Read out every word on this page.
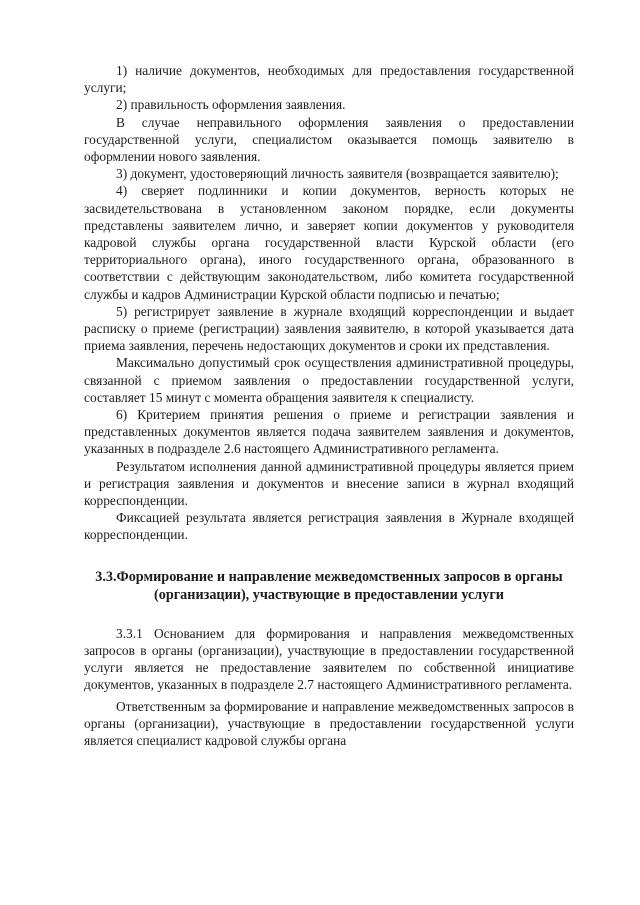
1) наличие документов, необходимых для предоставления государственной услуги;

2) правильность оформления заявления.

В случае неправильного оформления заявления о предоставлении государственной услуги, специалистом оказывается помощь заявителю в оформлении нового заявления.

3) документ, удостоверяющий личность заявителя (возвращается заявителю);

4) сверяет подлинники и копии документов, верность которых не засвидетельствована в установленном законом порядке, если документы представлены заявителем лично, и заверяет копии документов у руководителя кадровой службы органа государственной власти Курской области (его территориального органа), иного государственного органа, образованного в соответствии с действующим законодательством, либо комитета государственной службы и кадров Администрации Курской области подписью и печатью;

5) регистрирует заявление в журнале входящий корреспонденции и выдает расписку о приеме (регистрации) заявления заявителю, в которой указывается дата приема заявления, перечень недостающих документов и сроки их представления.

Максимально допустимый срок осуществления административной процедуры, связанной с приемом заявления о предоставлении государственной услуги, составляет 15 минут с момента обращения заявителя к специалисту.

6) Критерием принятия решения о приеме и регистрации заявления и представленных документов является подача заявителем заявления и документов, указанных в подразделе 2.6 настоящего Административного регламента.

Результатом исполнения данной административной процедуры является прием и регистрация заявления и документов и внесение записи в журнал входящий корреспонденции.

Фиксацией результата является регистрация заявления в Журнале входящей корреспонденции.

3.3.Формирование и направление межведомственных запросов в органы (организации), участвующие в предоставлении услуги

3.3.1 Основанием для формирования и направления межведомственных запросов в органы (организации), участвующие в предоставлении государственной услуги является не предоставление заявителем по собственной инициативе документов, указанных в подразделе 2.7 настоящего Административного регламента.

Ответственным за формирование и направление межведомственных запросов в органы (организации), участвующие в предоставлении государственной услуги является специалист кадровой службы органа
